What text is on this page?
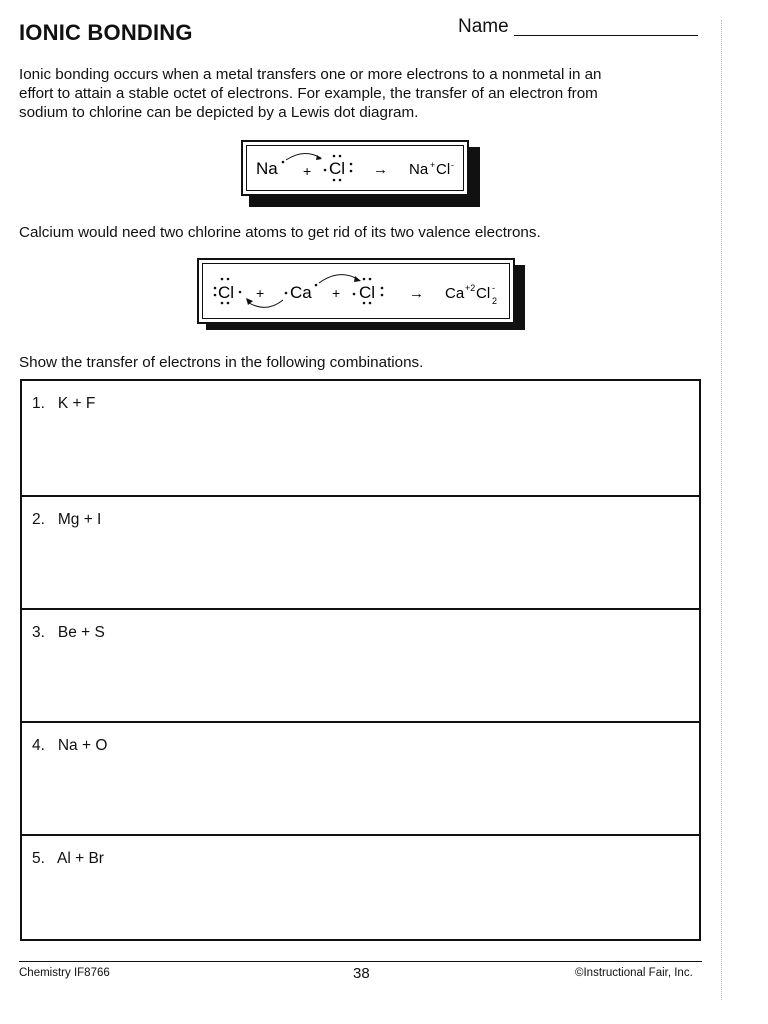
IONIC BONDING	Name
Ionic bonding occurs when a metal transfers one or more electrons to a nonmetal in an
effort to attain a stable octet of electrons. For example, the transfer of an electron from
sodium to chlorine can be depicted by a Lewis dot diagram.
Na + Cl → Na + Cl -
Calcium would need two chlorine atoms to get rid of its two valence electrons.
Cl + Ca + Cl → Ca +2 Cl -
2
Show the transfer of electrons in the following combinations.
1. K + F
2. Mg + I
3. Be + S
4. Na + O
5. Al + Br
Chemistry IF8766	38	©Instructional Fair, Inc.
